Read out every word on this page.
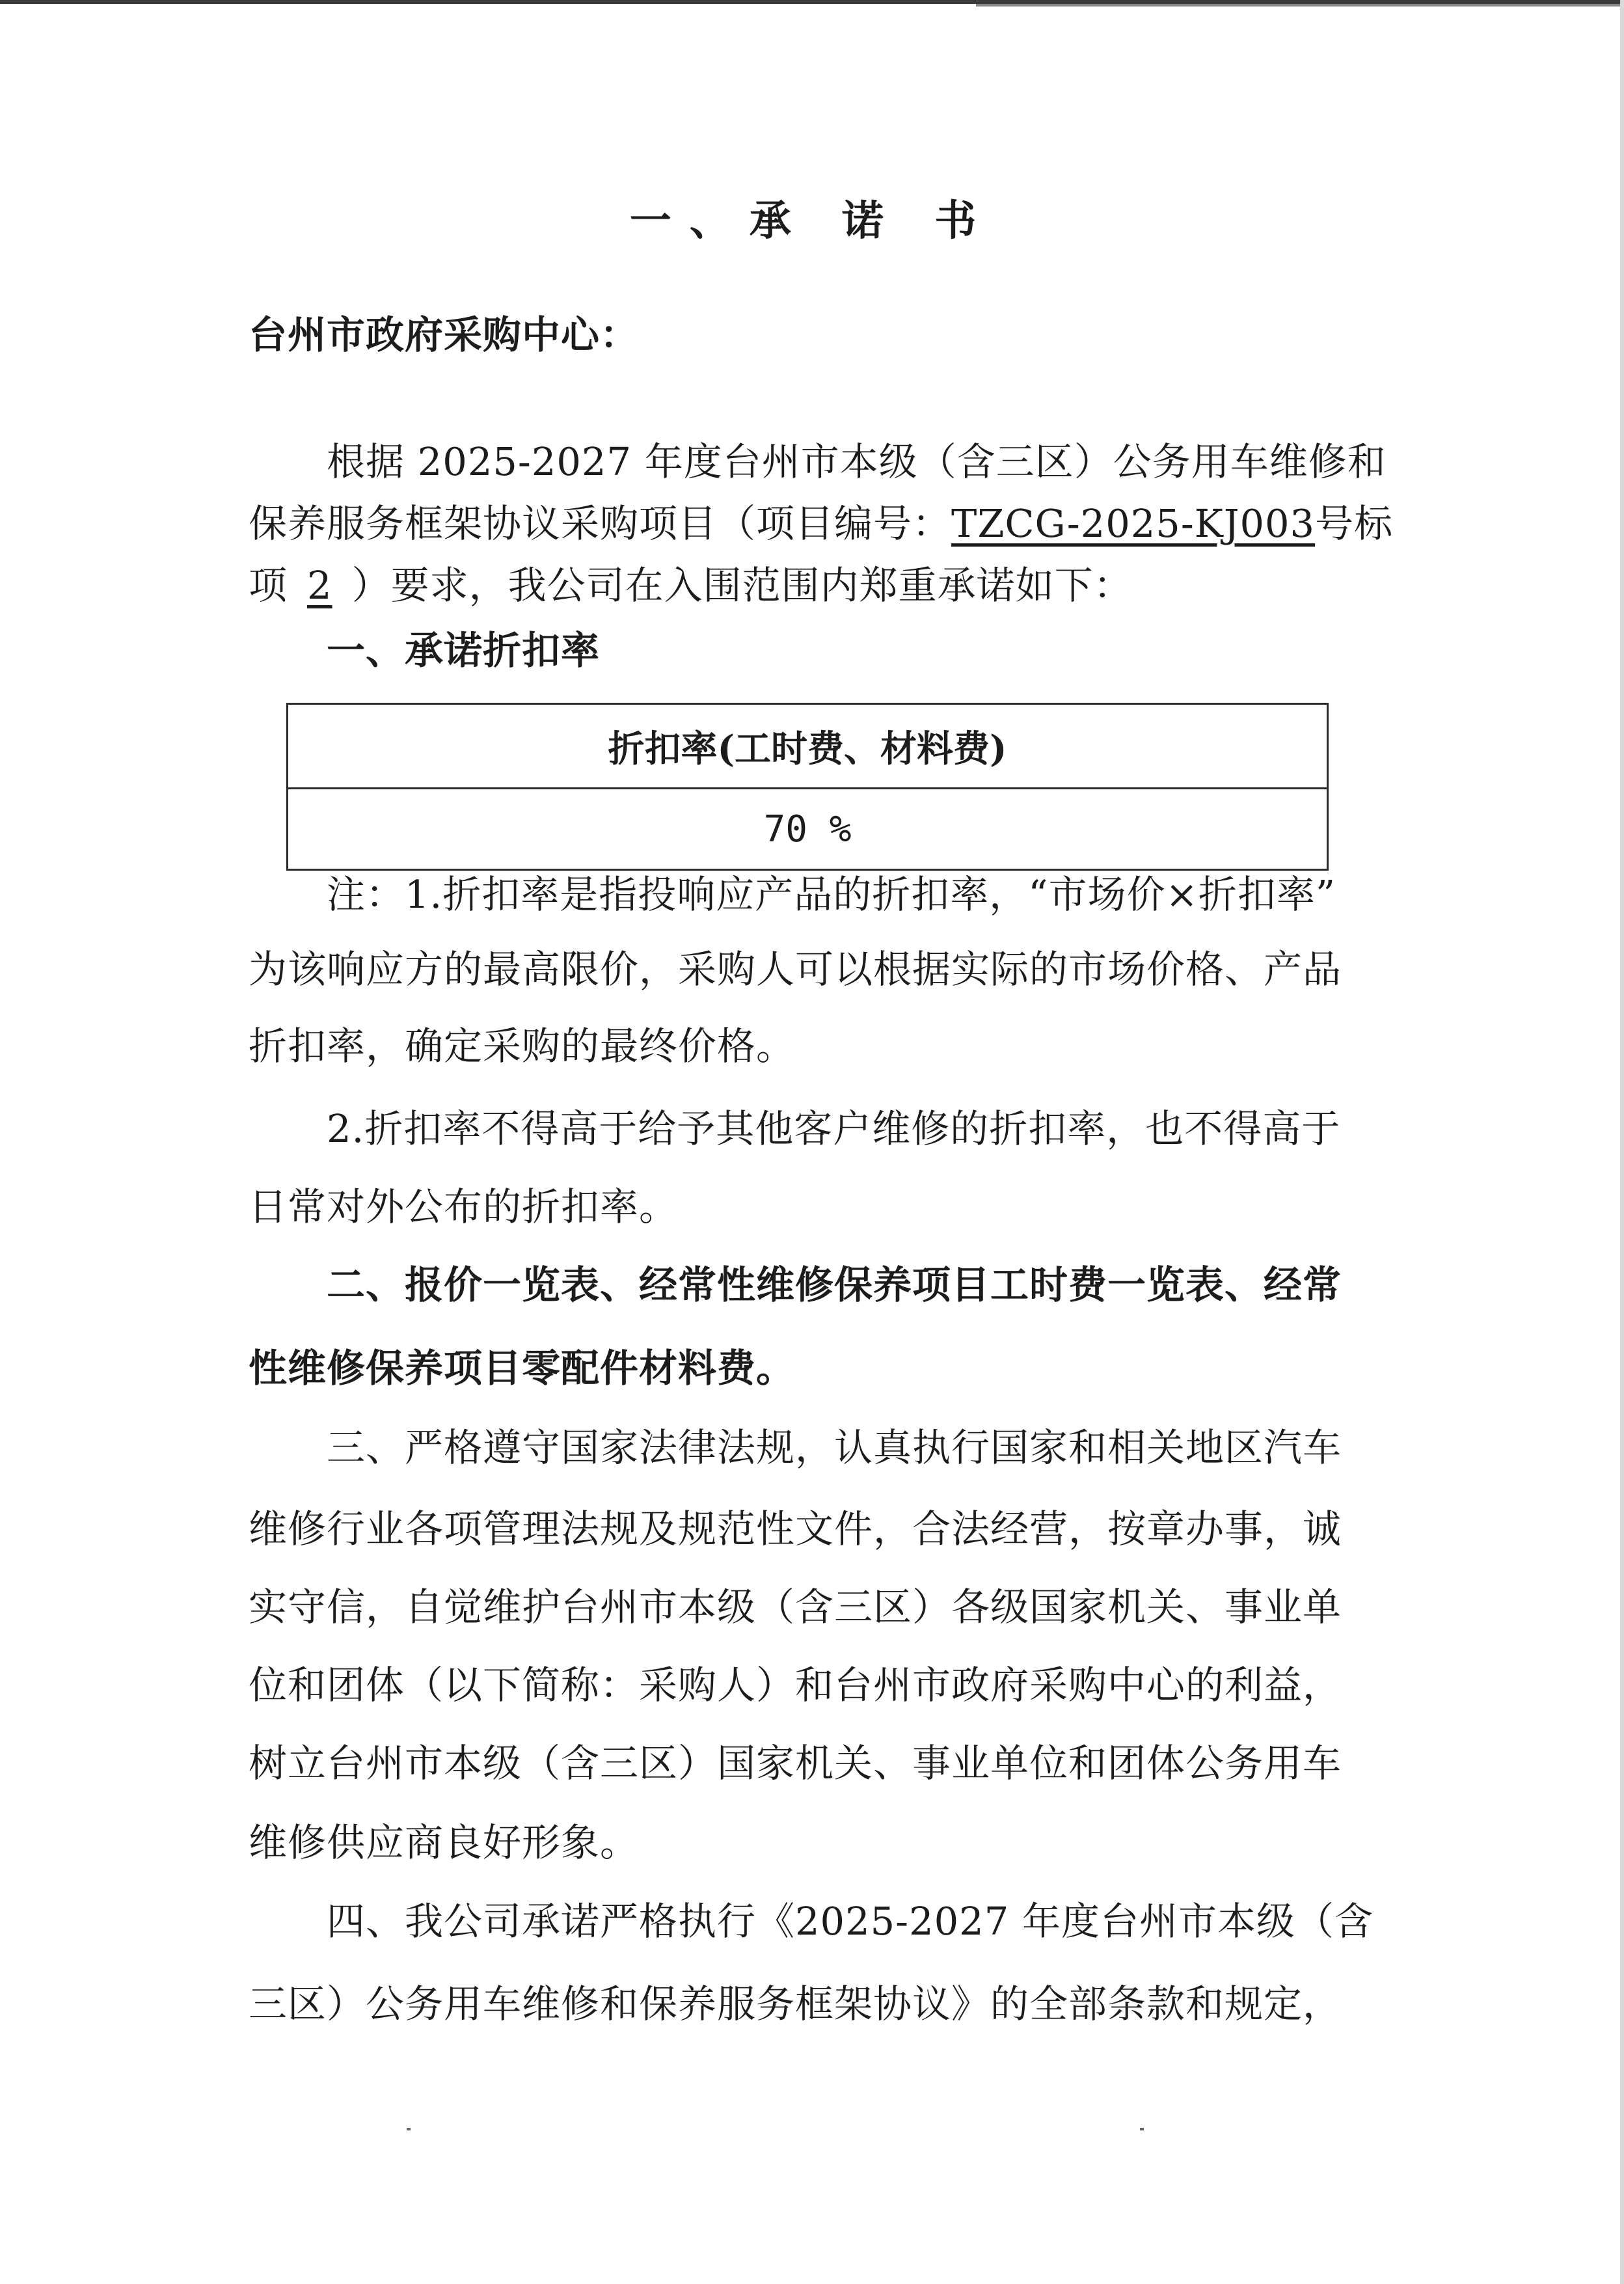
一、承 诺 书
台州市政府采购中心：
根据 2025-2027 年度台州市本级（含三区）公务用车维修和
保养服务框架协议采购项目（项目编号：TZCG-2025-KJ003号标
项 2 ）要求，我公司在入围范围内郑重承诺如下：
一、承诺折扣率
折扣率(工时费、材料费)
70 %
注：1.折扣率是指投响应产品的折扣率，“市场价×折扣率”
为该响应方的最高限价，采购人可以根据实际的市场价格、产品
折扣率，确定采购的最终价格。
2.折扣率不得高于给予其他客户维修的折扣率，也不得高于
日常对外公布的折扣率。
二、报价一览表、经常性维修保养项目工时费一览表、经常
性维修保养项目零配件材料费。
三、严格遵守国家法律法规，认真执行国家和相关地区汽车
维修行业各项管理法规及规范性文件，合法经营，按章办事，诚
实守信，自觉维护台州市本级（含三区）各级国家机关、事业单
位和团体（以下简称：采购人）和台州市政府采购中心的利益，
树立台州市本级（含三区）国家机关、事业单位和团体公务用车
维修供应商良好形象。
四、我公司承诺严格执行《2025-2027 年度台州市本级（含
三区）公务用车维修和保养服务框架协议》的全部条款和规定，
